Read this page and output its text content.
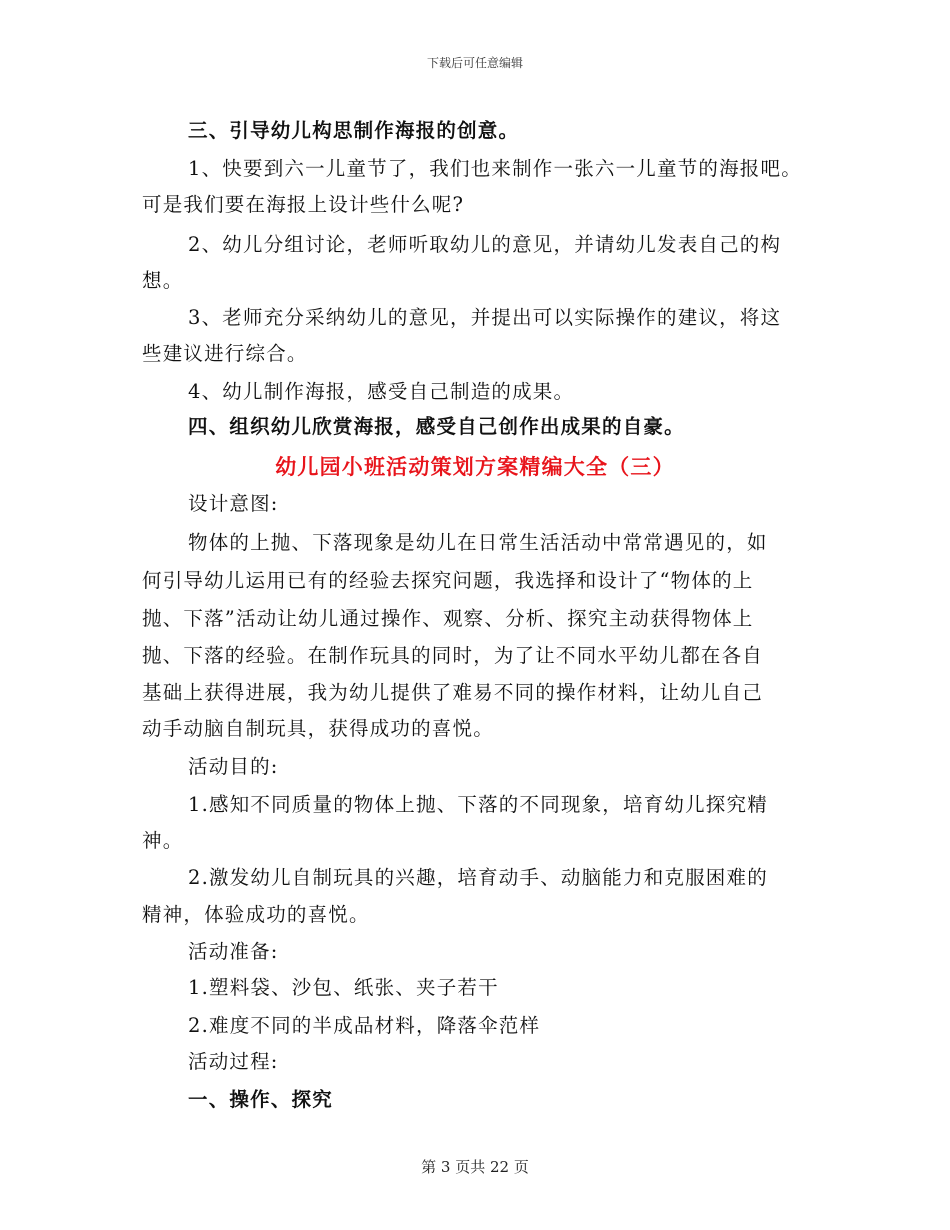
下载后可任意编辑
三、引导幼儿构思制作海报的创意。
1、快要到六一儿童节了，我们也来制作一张六一儿童节的海报吧。
可是我们要在海报上设计些什么呢?
2、幼儿分组讨论，老师听取幼儿的意见，并请幼儿发表自己的构
想。
3、老师充分采纳幼儿的意见，并提出可以实际操作的建议，将这
些建议进行综合。
4、幼儿制作海报，感受自己制造的成果。
四、组织幼儿欣赏海报，感受自己创作出成果的自豪。
幼儿园小班活动策划方案精编大全（三）
设计意图:
物体的上抛、下落现象是幼儿在日常生活活动中常常遇见的，如
何引导幼儿运用已有的经验去探究问题，我选择和设计了“物体的上
抛、下落”活动让幼儿通过操作、观察、分析、探究主动获得物体上
抛、下落的经验。在制作玩具的同时，为了让不同水平幼儿都在各自
基础上获得进展，我为幼儿提供了难易不同的操作材料，让幼儿自己
动手动脑自制玩具，获得成功的喜悦。
活动目的:
1.感知不同质量的物体上抛、下落的不同现象，培育幼儿探究精
神。
2.激发幼儿自制玩具的兴趣，培育动手、动脑能力和克服困难的
精神，体验成功的喜悦。
活动准备:
1.塑料袋、沙包、纸张、夹子若干
2.难度不同的半成品材料，降落伞范样
活动过程:
一、操作、探究
第 3 页共 22 页
